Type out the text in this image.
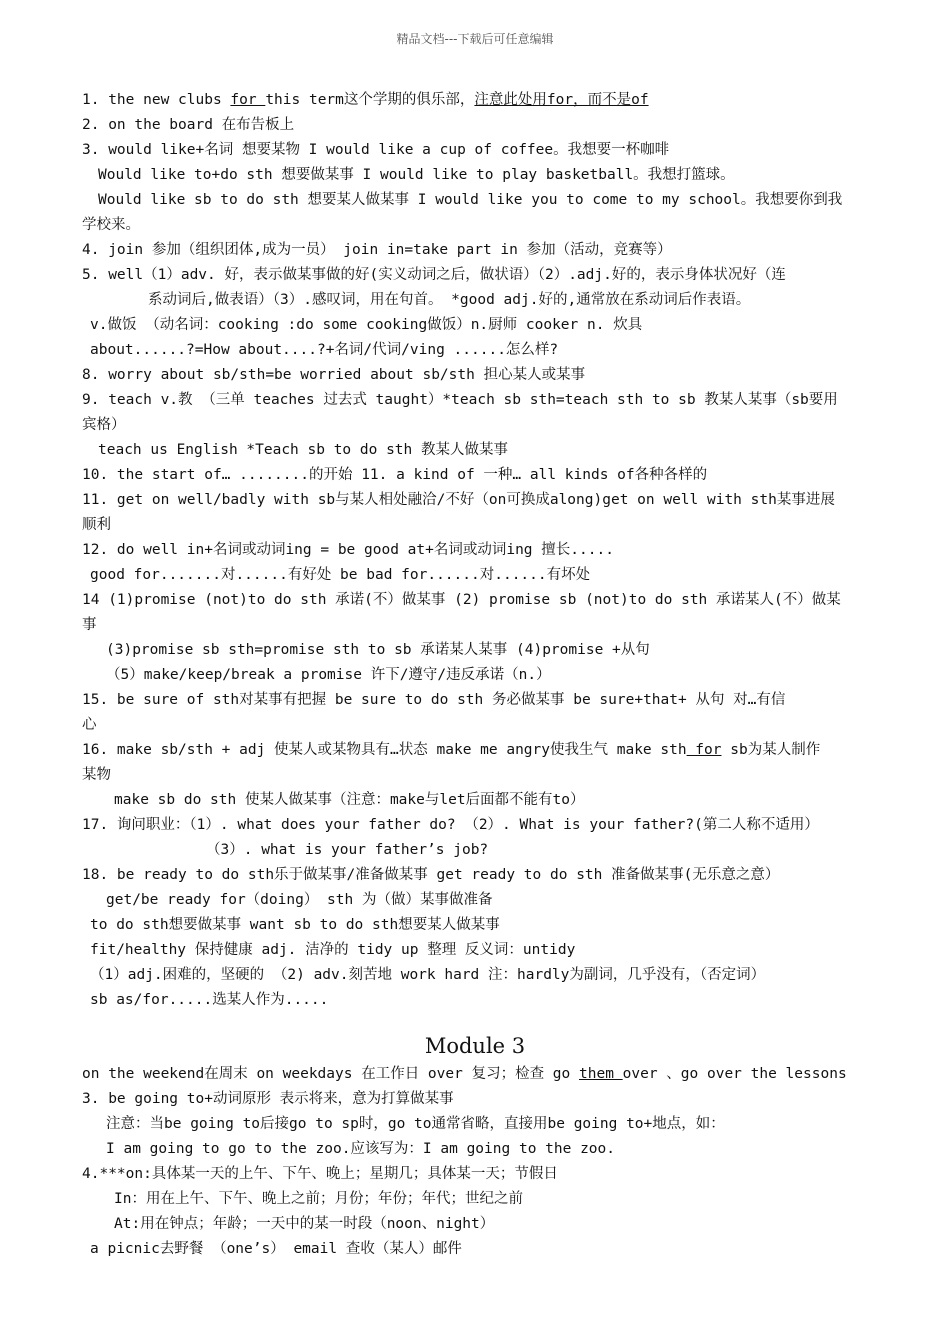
精品文档---下载后可任意编辑
1. the new clubs for this term这个学期的俱乐部，注意此处用for，而不是of
2. on the board 在布告板上
3. would like+名词 想要某物 I would like a cup of coffee。我想要一杯咖啡
Would like to+do sth 想要做某事 I would like to play basketball。我想打篮球。
Would like sb to do sth 想要某人做某事 I would like you to come to my school。我想要你到我
学校来。
4. join 参加（组织团体,成为一员） join in=take part in 参加（活动，竞赛等）
5. well（1）adv. 好，表示做某事做的好(实义动词之后，做状语）（2）.adj.好的，表示身体状况好（连
系动词后,做表语）（3）.感叹词，用在句首。 *good adj.好的,通常放在系动词后作表语。
v.做饭 （动名词：cooking :do some cooking做饭）n.厨师 cooker n. 炊具
about......?=How about....?+名词/代词/ving ......怎么样?
8. worry about sb/sth=be worried about sb/sth 担心某人或某事
9. teach v.教 （三单 teaches 过去式 taught）*teach sb sth=teach sth to sb 教某人某事（sb要用
宾格）
teach us English *Teach sb to do sth 教某人做某事
10. the start of… ........的开始 11. a kind of 一种… all kinds of各种各样的
11. get on well/badly with sb与某人相处融洽/不好（on可换成along)get on well with sth某事进展
顺利
12. do well in+名词或动词ing = be good at+名词或动词ing 擅长.....
good for.......对......有好处 be bad for......对......有坏处
14 (1)promise (not)to do sth 承诺(不）做某事 (2) promise sb (not)to do sth 承诺某人(不）做某
事
(3)promise sb sth=promise sth to sb 承诺某人某事 (4)promise +从句
（5）make/keep/break a promise 许下/遵守/违反承诺（n.）
15. be sure of sth对某事有把握 be sure to do sth 务必做某事 be sure+that+ 从句 对…有信
心
16. make sb/sth + adj 使某人或某物具有…状态 make me angry使我生气 make sth for sb为某人制作
某物
make sb do sth 使某人做某事（注意：make与let后面都不能有to）
17. 询问职业：（1）. what does your father do? （2）. What is your father?(第二人称不适用）
（3）. what is your father’s job?
18. be ready to do sth乐于做某事/准备做某事 get ready to do sth 准备做某事(无乐意之意）
get/be ready for（doing） sth 为（做）某事做准备
to do sth想要做某事 want sb to do sth想要某人做某事
fit/healthy 保持健康 adj. 洁净的 tidy up 整理 反义词：untidy
（1）adj.困难的，坚硬的 （2) adv.刻苦地 work hard 注：hardly为副词，几乎没有，（否定词）
sb as/for.....选某人作为.....
Module 3
on the weekend在周末 on weekdays 在工作日 over 复习；检查 go them over 、go over the lessons
3. be going to+动词原形 表示将来，意为打算做某事
注意：当be going to后接go to sp时，go to通常省略，直接用be going to+地点，如：
I am going to go to the zoo.应该写为：I am going to the zoo.
4.***on:具体某一天的上午、下午、晚上；星期几；具体某一天；节假日
In：用在上午、下午、晚上之前；月份；年份；年代；世纪之前
At:用在钟点；年龄；一天中的某一时段（noon、night）
a picnic去野餐 （one’s） email 查收（某人）邮件
